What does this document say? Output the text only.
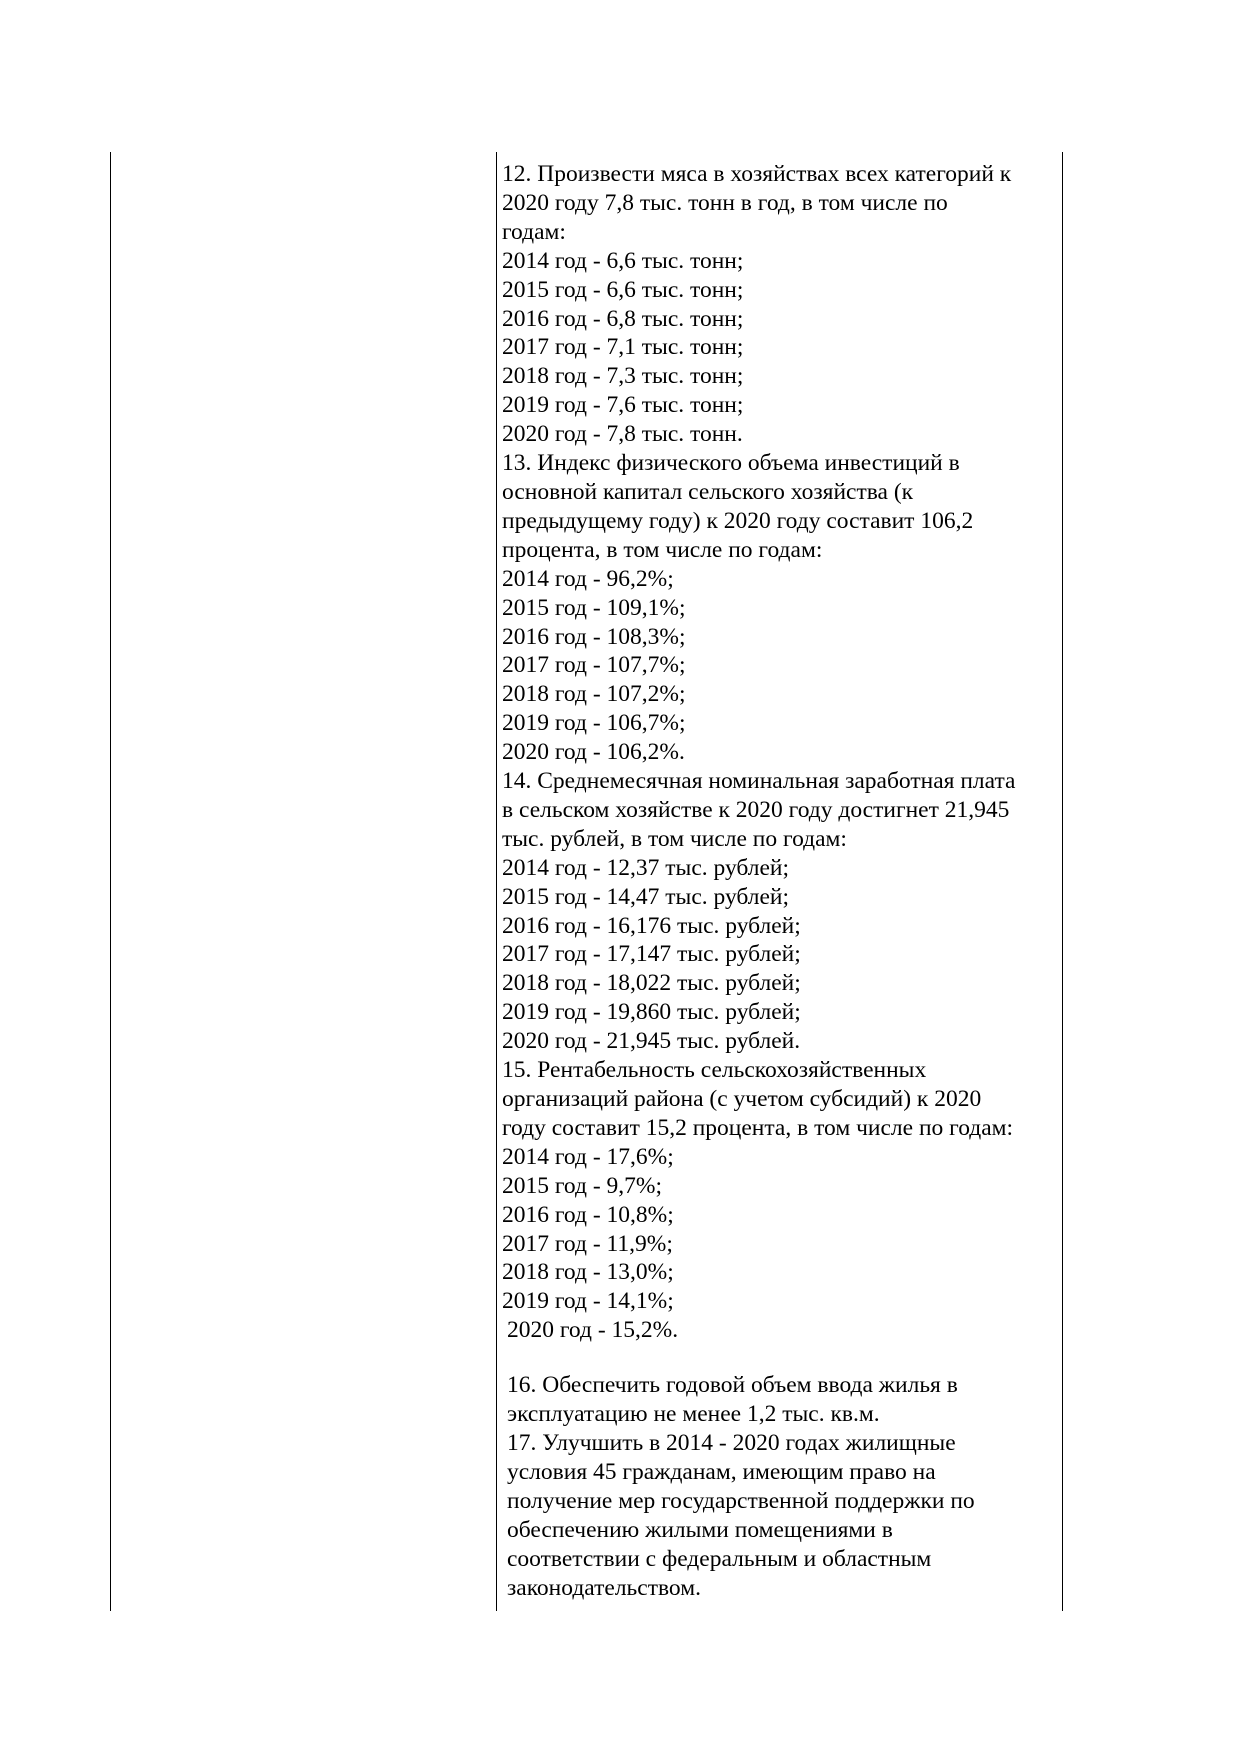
12. Произвести мяса в хозяйствах всех категорий к
2020 году 7,8 тыс. тонн в год, в том числе по
годам:
2014 год - 6,6 тыс. тонн;
2015 год - 6,6 тыс. тонн;
2016 год - 6,8 тыс. тонн;
2017 год - 7,1 тыс. тонн;
2018 год - 7,3 тыс. тонн;
2019 год - 7,6 тыс. тонн;
2020 год - 7,8 тыс. тонн.
13. Индекс физического объема инвестиций в
основной капитал сельского хозяйства (к
предыдущему году) к 2020 году составит 106,2
процента, в том числе по годам:
2014 год - 96,2%;
2015 год - 109,1%;
2016 год - 108,3%;
2017 год - 107,7%;
2018 год - 107,2%;
2019 год - 106,7%;
2020 год - 106,2%.
14. Среднемесячная номинальная заработная плата
в сельском хозяйстве к 2020 году достигнет 21,945
тыс. рублей, в том числе по годам:
2014 год - 12,37 тыс. рублей;
2015 год - 14,47 тыс. рублей;
2016 год - 16,176 тыс. рублей;
2017 год - 17,147 тыс. рублей;
2018 год - 18,022 тыс. рублей;
2019 год - 19,860 тыс. рублей;
2020 год - 21,945 тыс. рублей.
15. Рентабельность сельскохозяйственных
организаций района (с учетом субсидий) к 2020
году составит 15,2 процента, в том числе по годам:
2014 год - 17,6%;
2015 год - 9,7%;
2016 год - 10,8%;
2017 год - 11,9%;
2018 год - 13,0%;
2019 год - 14,1%;
2020 год - 15,2%.
16. Обеспечить годовой объем ввода жилья в
эксплуатацию не менее 1,2 тыс. кв.м.
17. Улучшить в 2014 - 2020 годах жилищные
условия 45 гражданам, имеющим право на
получение мер государственной поддержки по
обеспечению жилыми помещениями в
соответствии с федеральным и областным
законодательством.
